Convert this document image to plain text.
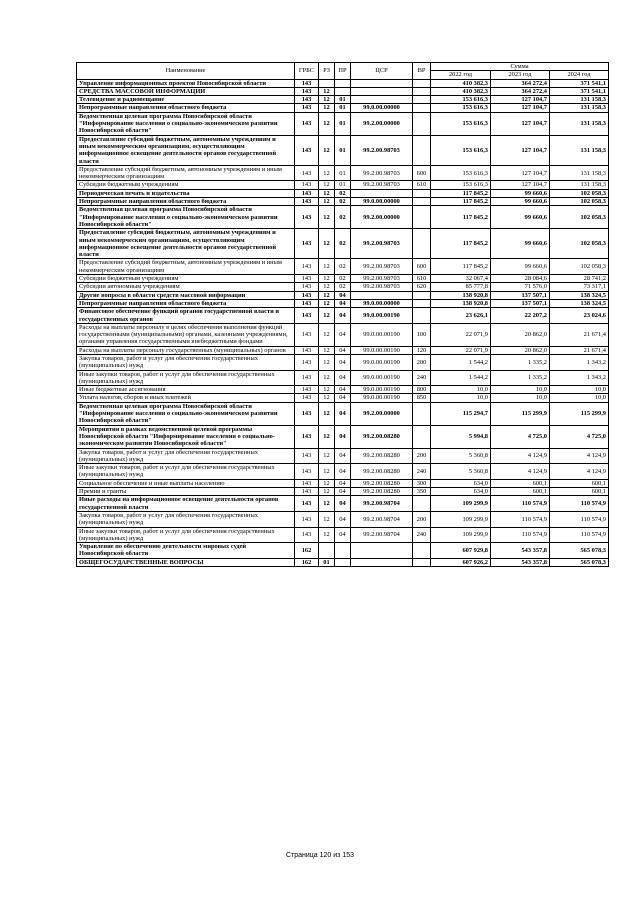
Наименование	ГРБС	РЗ	ПР	ЦСР	ВР	Сумма		
						2022 год	2023 год	2024 год
Управление информационных проектов Новосибирской области	143					410 382,3	364 272,4	371 541,1
СРЕДСТВА МАССОВОЙ ИНФОРМАЦИИ	143	12				410 382,3	364 272,4	371 541,1
Телевидение и радиовещание	143	12	01			153 616,3	127 104,7	131 158,3
Непрограммные направления областного бюджета	143	12	01	99.0.00.00000		153 616,3	127 104,7	131 158,3
Ведомственная целевая программа Новосибирской области "Информирование населения о социально-экономическом развитии Новосибирской области"	143	12	01	99.2.00.00000		153 616,3	127 104,7	131 158,3
Предоставление субсидий бюджетным, автономным учреждениям и иным некоммерческим организациям, осуществляющим информационное освещение деятельности органов государственной власти	143	12	01	99.2.00.98703		153 616,3	127 104,7	131 158,3
Предоставление субсидий бюджетным, автономным учреждениям и иным некоммерческим организациям	143	12	01	99.2.00.98703	600	153 616,3	127 104,7	131 158,3
Субсидии бюджетным учреждениям	143	12	01	99.2.00.98703	610	153 616,3	127 104,7	131 158,3
Периодическая печать и издательства	143	12	02			117 845,2	99 660,6	102 058,3
Непрограммные направления областного бюджета	143	12	02	99.0.00.00000		117 845,2	99 660,6	102 058,3
Ведомственная целевая программа Новосибирской области "Информирование населения о социально-экономическом развитии Новосибирской области"	143	12	02	99.2.00.00000		117 845,2	99 660,6	102 058,3
Предоставление субсидий бюджетным, автономным учреждениям и иным некоммерческим организациям, осуществляющим информационное освещение деятельности органов государственной власти	143	12	02	99.2.00.98703		117 845,2	99 660,6	102 058,3
Предоставление субсидий бюджетным, автономным учреждениям и иным некоммерческим организациям	143	12	02	99.2.00.98703	600	117 845,2	99 660,6	102 058,3
Субсидии бюджетным учреждениям	143	12	02	99.2.00.98703	610	32 067,4	28 084,6	28 741,2
Субсидии автономным учреждениям	143	12	02	99.2.00.98703	620	85 777,8	71 576,0	73 317,1
Другие вопросы в области средств массовой информации	143	12	04			138 920,8	137 507,1	138 324,5
Непрограммные направления областного бюджета	143	12	04	99.0.00.00000		138 920,8	137 507,1	138 324,5
Финансовое обеспечение функций органов государственной власти и государственных органов	143	12	04	99.0.00.00190		23 626,1	22 207,2	23 024,6
Расходы на выплаты персоналу в целях обеспечения выполнения функций государственными (муниципальными) органами, казенными учреждениями, органами управления государственными внебюджетными фондами	143	12	04	99.0.00.00190	100	22 071,9	20 862,0	21 671,4
Расходы на выплаты персоналу государственных (муниципальных) органов	143	12	04	99.0.00.00190	120	22 071,9	20 862,0	21 671,4
Закупка товаров, работ и услуг для обеспечения государственных (муниципальных) нужд	143	12	04	99.0.00.00190	200	1 544,2	1 335,2	1 343,2
Иные закупки товаров, работ и услуг для обеспечения государственных (муниципальных) нужд	143	12	04	99.0.00.00190	240	1 544,2	1 335,2	1 343,2
Иные бюджетные ассигнования	143	12	04	99.0.00.00190	800	10,0	10,0	10,0
Уплата налогов, сборов и иных платежей	143	12	04	99.0.00.00190	850	10,0	10,0	10,0
Ведомственная целевая программа Новосибирской области "Информирование населения о социально-экономическом развитии Новосибирской области"	143	12	04	99.2.00.00000		115 294,7	115 299,9	115 299,9
Мероприятия в рамках ведомственной целевой программы Новосибирской области "Информирование населения о социально-экономическом развитии Новосибирской области"	143	12	04	99.2.00.08280		5 994,8	4 725,0	4 725,0
Закупка товаров, работ и услуг для обеспечения государственных (муниципальных) нужд	143	12	04	99.2.00.08280	200	5 360,8	4 124,9	4 124,9
Иные закупки товаров, работ и услуг для обеспечения государственных (муниципальных) нужд	143	12	04	99.2.00.08280	240	5 360,8	4 124,9	4 124,9
Социальное обеспечение и иные выплаты населению	143	12	04	99.2.00.08280	300	634,0	600,1	600,1
Премии и гранты	143	12	04	99.2.00.08280	350	634,0	600,1	600,1
Иные расходы на информационное освещение деятельности органов государственной власти	143	12	04	99.2.00.98704		109 299,9	110 574,9	110 574,9
Закупка товаров, работ и услуг для обеспечения государственных (муниципальных) нужд	143	12	04	99.2.00.98704	200	109 299,9	110 574,9	110 574,9
Иные закупки товаров, работ и услуг для обеспечения государственных (муниципальных) нужд	143	12	04	99.2.00.98704	240	109 299,9	110 574,9	110 574,9
Управление по обеспечению деятельности мировых судей Новосибирской области	162					607 929,8	543 357,8	565 078,3
ОБЩЕГОСУДАРСТВЕННЫЕ ВОПРОСЫ	162	01				607 926,2	543 357,8	565 078,3
Страница 120 из 153
